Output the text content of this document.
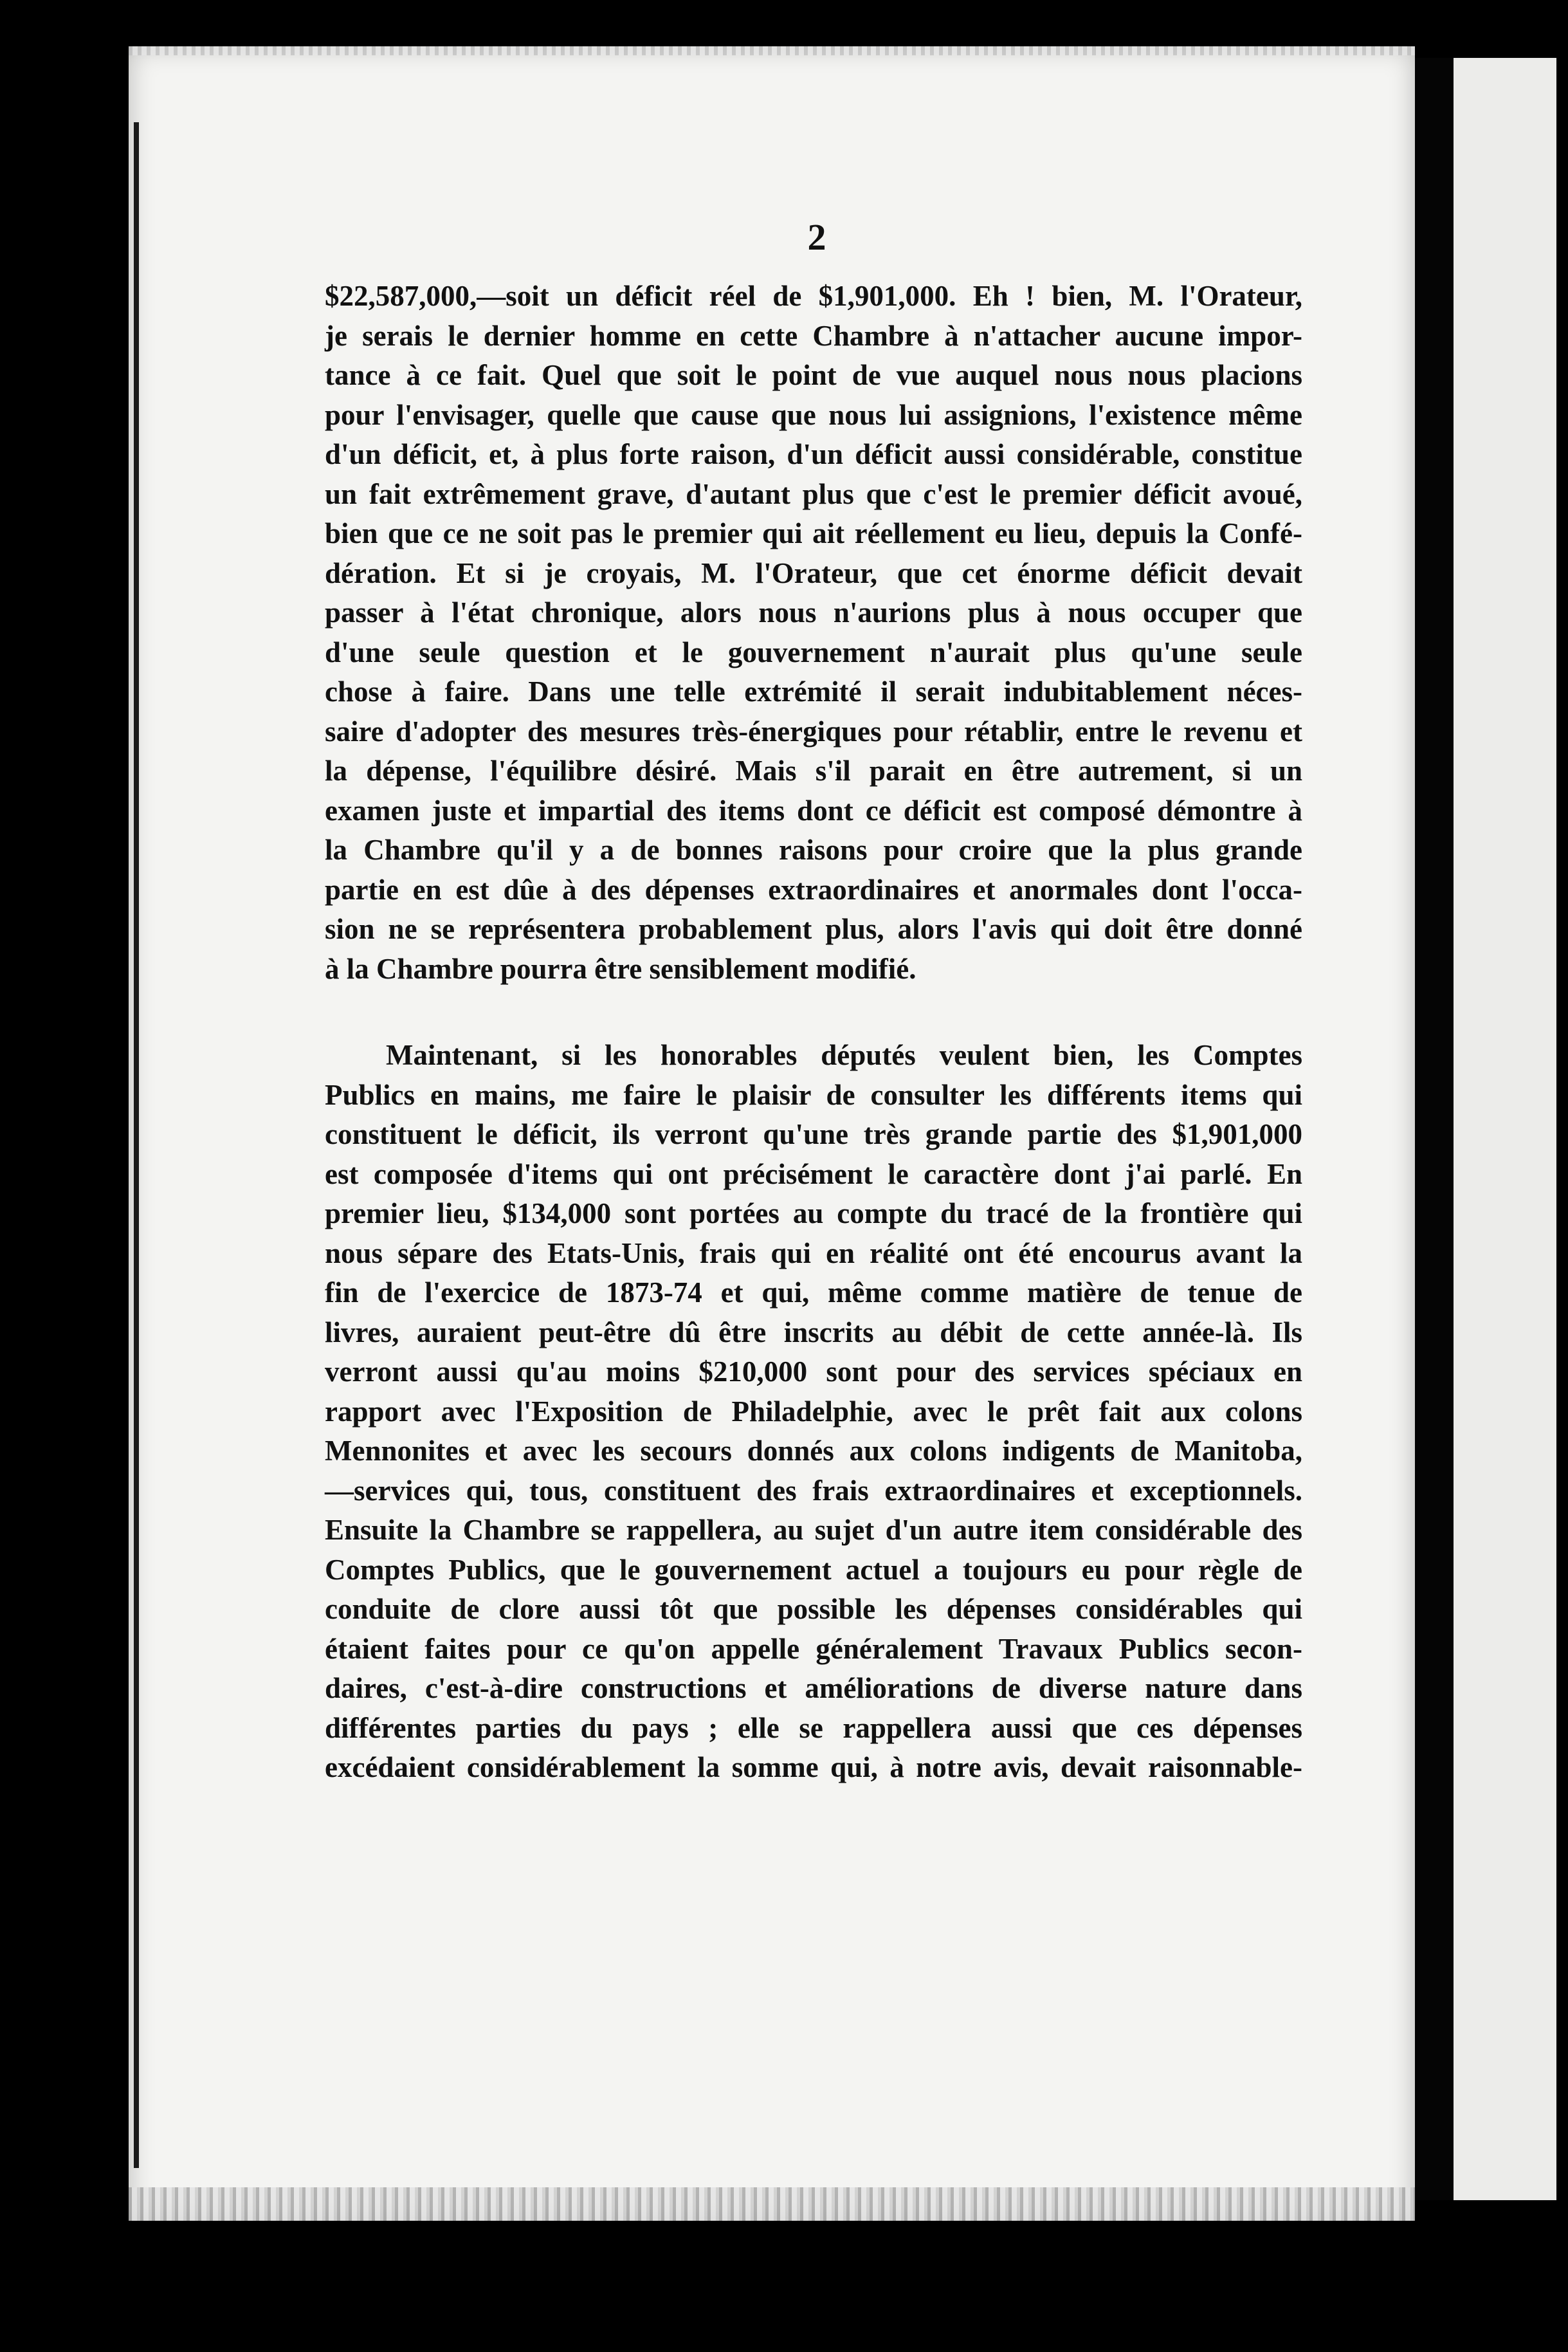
2
$22,587,000,—soit un déficit réel de $1,901,000. Eh ! bien, M. l'Orateur,
je serais le dernier homme en cette Chambre à n'attacher aucune impor-
tance à ce fait. Quel que soit le point de vue auquel nous nous placions
pour l'envisager, quelle que cause que nous lui assignions, l'existence même
d'un déficit, et, à plus forte raison, d'un déficit aussi considérable, constitue
un fait extrêmement grave, d'autant plus que c'est le premier déficit avoué,
bien que ce ne soit pas le premier qui ait réellement eu lieu, depuis la Confé-
dération. Et si je croyais, M. l'Orateur, que cet énorme déficit devait
passer à l'état chronique, alors nous n'aurions plus à nous occuper que
d'une seule question et le gouvernement n'aurait plus qu'une seule
chose à faire. Dans une telle extrémité il serait indubitablement néces-
saire d'adopter des mesures très-énergiques pour rétablir, entre le revenu et
la dépense, l'équilibre désiré. Mais s'il parait en être autrement, si un
examen juste et impartial des items dont ce déficit est composé démontre à
la Chambre qu'il y a de bonnes raisons pour croire que la plus grande
partie en est dûe à des dépenses extraordinaires et anormales dont l'occa-
sion ne se représentera probablement plus, alors l'avis qui doit être donné
à la Chambre pourra être sensiblement modifié.
Maintenant, si les honorables députés veulent bien, les Comptes
Publics en mains, me faire le plaisir de consulter les différents items qui
constituent le déficit, ils verront qu'une très grande partie des $1,901,000
est composée d'items qui ont précisément le caractère dont j'ai parlé. En
premier lieu, $134,000 sont portées au compte du tracé de la frontière qui
nous sépare des Etats-Unis, frais qui en réalité ont été encourus avant la
fin de l'exercice de 1873-74 et qui, même comme matière de tenue de
livres, auraient peut-être dû être inscrits au débit de cette année-là. Ils
verront aussi qu'au moins $210,000 sont pour des services spéciaux en
rapport avec l'Exposition de Philadelphie, avec le prêt fait aux colons
Mennonites et avec les secours donnés aux colons indigents de Manitoba,
—services qui, tous, constituent des frais extraordinaires et exceptionnels.
Ensuite la Chambre se rappellera, au sujet d'un autre item considérable des
Comptes Publics, que le gouvernement actuel a toujours eu pour règle de
conduite de clore aussi tôt que possible les dépenses considérables qui
étaient faites pour ce qu'on appelle généralement Travaux Publics secon-
daires, c'est-à-dire constructions et améliorations de diverse nature dans
différentes parties du pays ; elle se rappellera aussi que ces dépenses
excédaient considérablement la somme qui, à notre avis, devait raisonnable-
